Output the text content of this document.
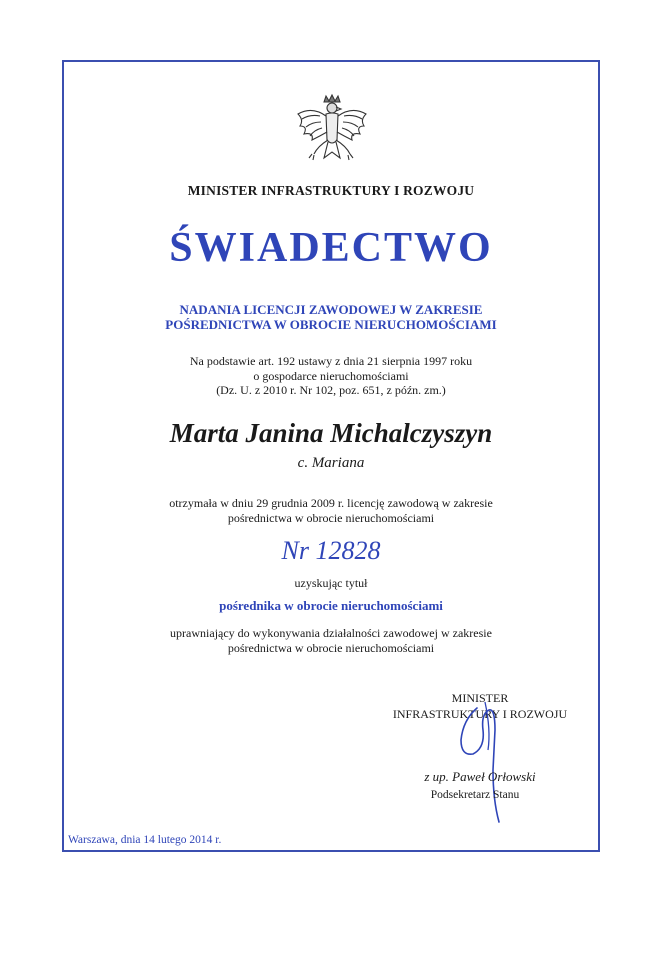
MINISTER INFRASTRUKTURY I ROZWOJU
ŚWIADECTWO
NADANIA LICENCJI ZAWODOWEJ W ZAKRESIE
POŚREDNICTWA W OBROCIE NIERUCHOMOŚCIAMI
Na podstawie art. 192 ustawy z dnia 21 sierpnia 1997 roku
o gospodarce nieruchomościami
(Dz. U. z 2010 r. Nr 102, poz. 651, z późn. zm.)
Marta Janina Michalczyszyn
c. Mariana
otrzymała w dniu 29 grudnia 2009 r. licencję zawodową w zakresie
pośrednictwa w obrocie nieruchomościami
Nr 12828
uzyskując tytuł
pośrednika w obrocie nieruchomościami
uprawniający do wykonywania działalności zawodowej w zakresie
pośrednictwa w obrocie nieruchomościami
MINISTER
INFRASTRUKTURY I ROZWOJU
z up. Paweł Orłowski
Podsekretarz Stanu
Warszawa, dnia 14 lutego 2014 r.
